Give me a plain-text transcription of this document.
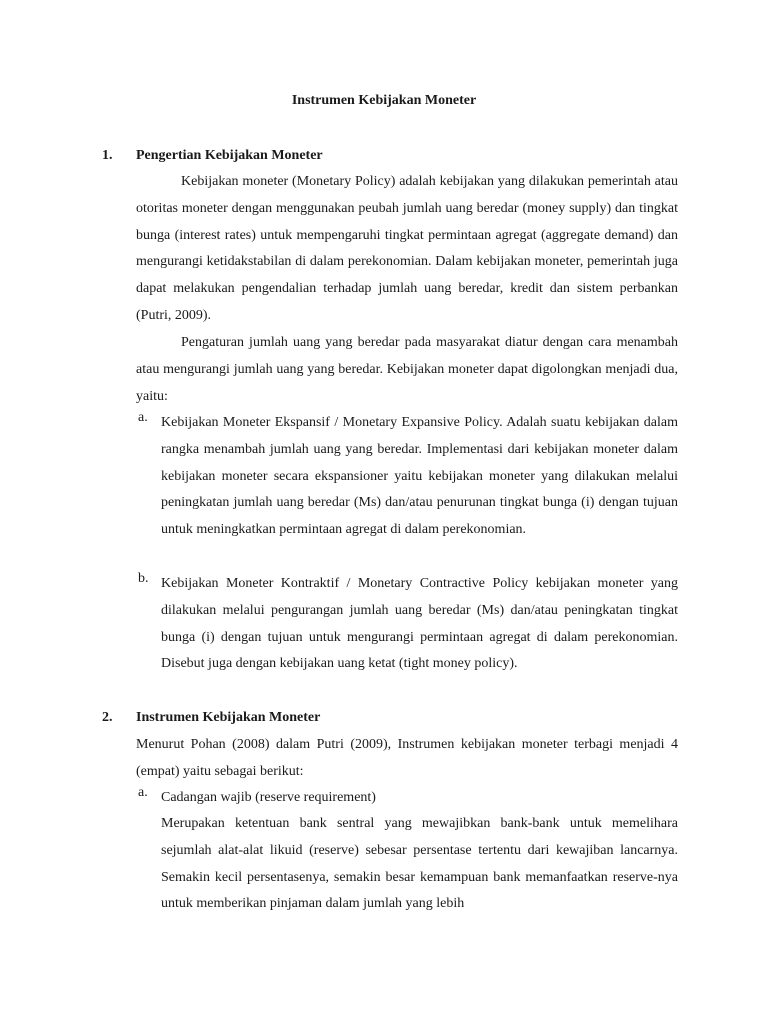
Instrumen Kebijakan Moneter
1. Pengertian Kebijakan Moneter
Kebijakan moneter (Monetary Policy) adalah kebijakan yang dilakukan pemerintah atau otoritas moneter dengan menggunakan peubah jumlah uang beredar (money supply) dan tingkat bunga (interest rates) untuk mempengaruhi tingkat permintaan agregat (aggregate demand) dan mengurangi ketidakstabilan di dalam perekonomian. Dalam kebijakan moneter, pemerintah juga dapat melakukan pengendalian terhadap jumlah uang beredar, kredit dan sistem perbankan (Putri, 2009).
Pengaturan jumlah uang yang beredar pada masyarakat diatur dengan cara menambah atau mengurangi jumlah uang yang beredar. Kebijakan moneter dapat digolongkan menjadi dua, yaitu:
a. Kebijakan Moneter Ekspansif / Monetary Expansive Policy. Adalah suatu kebijakan dalam rangka menambah jumlah uang yang beredar. Implementasi dari kebijakan moneter dalam kebijakan moneter secara ekspansioner yaitu kebijakan moneter yang dilakukan melalui peningkatan jumlah uang beredar (Ms) dan/atau penurunan tingkat bunga (i) dengan tujuan untuk meningkatkan permintaan agregat di dalam perekonomian.
b. Kebijakan Moneter Kontraktif / Monetary Contractive Policy kebijakan moneter yang dilakukan melalui pengurangan jumlah uang beredar (Ms) dan/atau peningkatan tingkat bunga (i) dengan tujuan untuk mengurangi permintaan agregat di dalam perekonomian. Disebut juga dengan kebijakan uang ketat (tight money policy).
2. Instrumen Kebijakan Moneter
Menurut Pohan (2008) dalam Putri (2009), Instrumen kebijakan moneter terbagi menjadi 4 (empat) yaitu sebagai berikut:
a. Cadangan wajib (reserve requirement)
Merupakan ketentuan bank sentral yang mewajibkan bank-bank untuk memelihara sejumlah alat-alat likuid (reserve) sebesar persentase tertentu dari kewajiban lancarnya. Semakin kecil persentasenya, semakin besar kemampuan bank memanfaatkan reserve-nya untuk memberikan pinjaman dalam jumlah yang lebih
